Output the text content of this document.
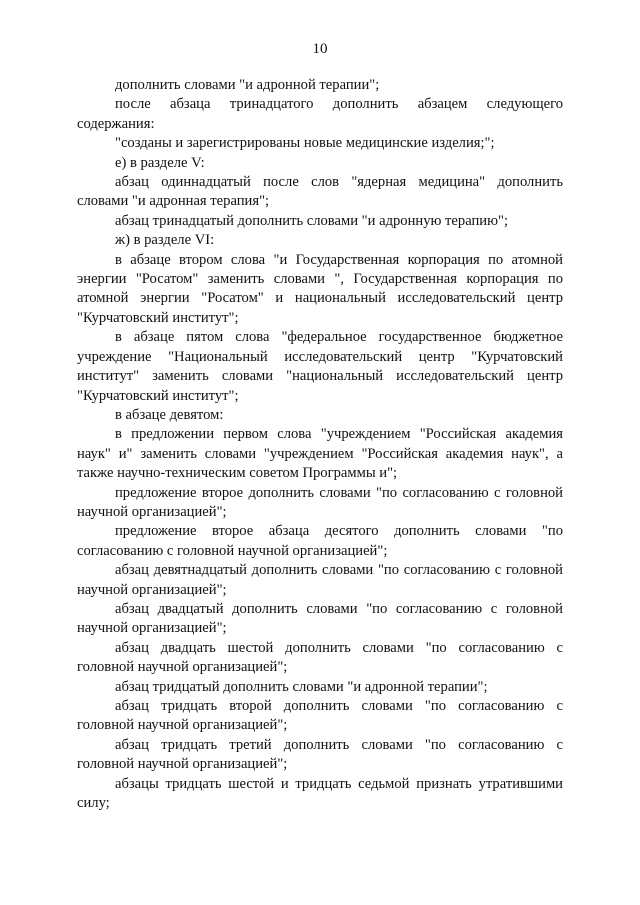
10

дополнить словами "и адронной терапии";

после абзаца тринадцатого дополнить абзацем следующего содержания:

"созданы и зарегистрированы новые медицинские изделия;";

е) в разделе V:

абзац одиннадцатый после слов "ядерная медицина" дополнить словами "и адронная терапия";

абзац тринадцатый дополнить словами "и адронную терапию";

ж) в разделе VI:

в абзаце втором слова "и Государственная корпорация по атомной энергии "Росатом" заменить словами ", Государственная корпорация по атомной энергии "Росатом" и национальный исследовательский центр "Курчатовский институт";

в абзаце пятом слова "федеральное государственное бюджетное учреждение "Национальный исследовательский центр "Курчатовский институт" заменить словами "национальный исследовательский центр "Курчатовский институт";

в абзаце девятом:

в предложении первом слова "учреждением "Российская академия наук" и" заменить словами "учреждением "Российская академия наук", а также научно-техническим советом Программы и";

предложение второе дополнить словами "по согласованию с головной научной организацией";

предложение второе абзаца десятого дополнить словами "по согласованию с головной научной организацией";

абзац девятнадцатый дополнить словами "по согласованию с головной научной организацией";

абзац двадцатый дополнить словами "по согласованию с головной научной организацией";

абзац двадцать шестой дополнить словами "по согласованию с головной научной организацией";

абзац тридцатый дополнить словами "и адронной терапии";

абзац тридцать второй дополнить словами "по согласованию с головной научной организацией";

абзац тридцать третий дополнить словами "по согласованию с головной научной организацией";

абзацы тридцать шестой и тридцать седьмой признать утратившими силу;
